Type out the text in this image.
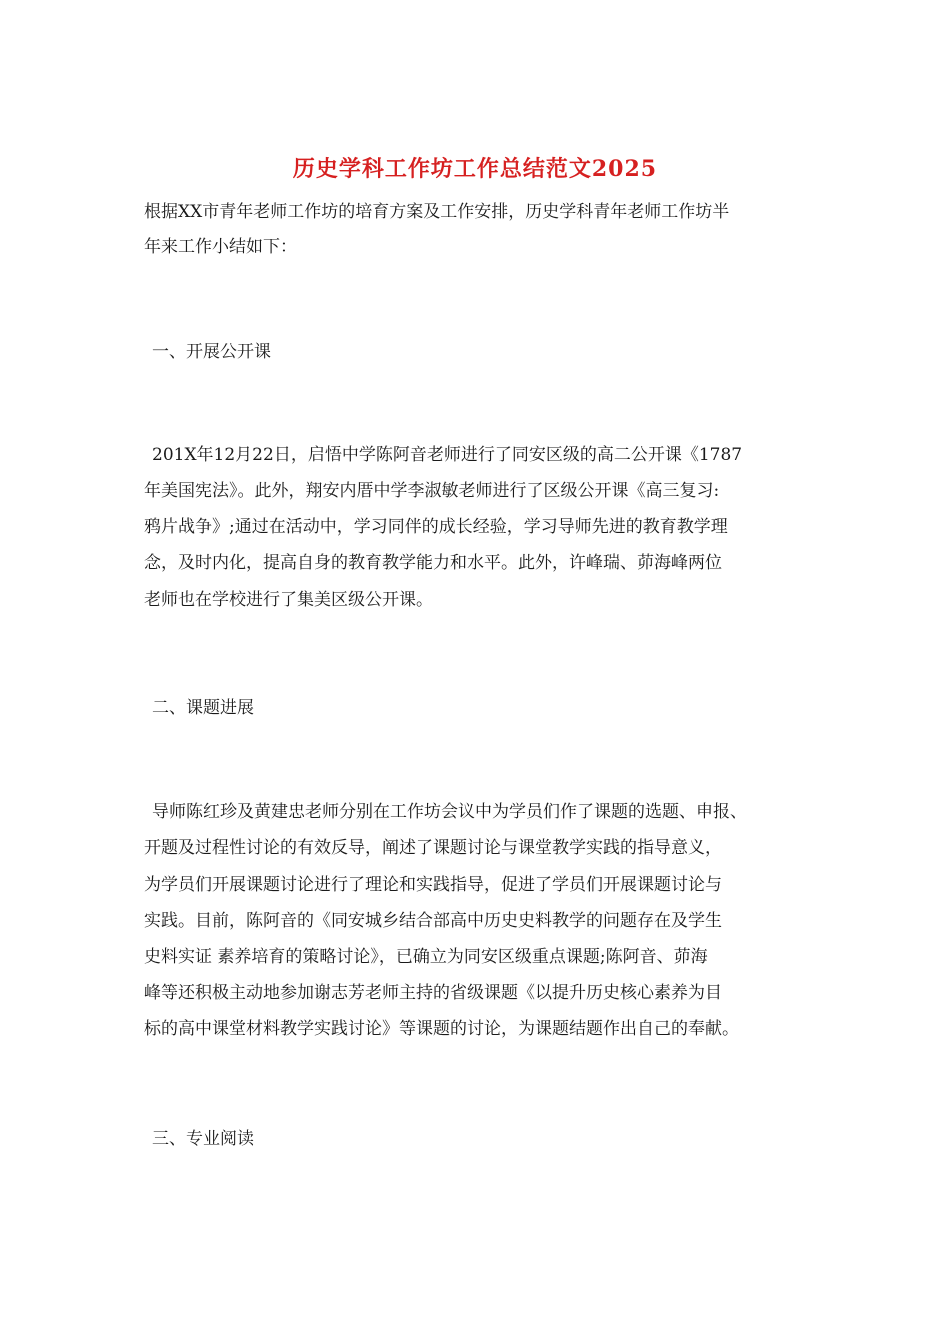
历史学科工作坊工作总结范文2025
根据XX市青年老师工作坊的培育方案及工作安排，历史学科青年老师工作坊半
年来工作小结如下：
一、开展公开课
201X年12月22日，启悟中学陈阿音老师进行了同安区级的高二公开课《1787
年美国宪法》。此外，翔安内厝中学李淑敏老师进行了区级公开课《高三复习:
鸦片战争》;通过在活动中，学习同伴的成长经验，学习导师先进的教育教学理
念，及时内化，提高自身的教育教学能力和水平。此外，许峰瑞、茆海峰两位
老师也在学校进行了集美区级公开课。
二、课题进展
导师陈红珍及黄建忠老师分别在工作坊会议中为学员们作了课题的选题、申报、
开题及过程性讨论的有效反导，阐述了课题讨论与课堂教学实践的指导意义，
为学员们开展课题讨论进行了理论和实践指导，促进了学员们开展课题讨论与
实践。目前，陈阿音的《同安城乡结合部高中历史史料教学的问题存在及学生
史料实证 素养培育的策略讨论》，已确立为同安区级重点课题;陈阿音、茆海
峰等还积极主动地参加谢志芳老师主持的省级课题《以提升历史核心素养为目
标的高中课堂材料教学实践讨论》等课题的讨论，为课题结题作出自己的奉献。
三、专业阅读
